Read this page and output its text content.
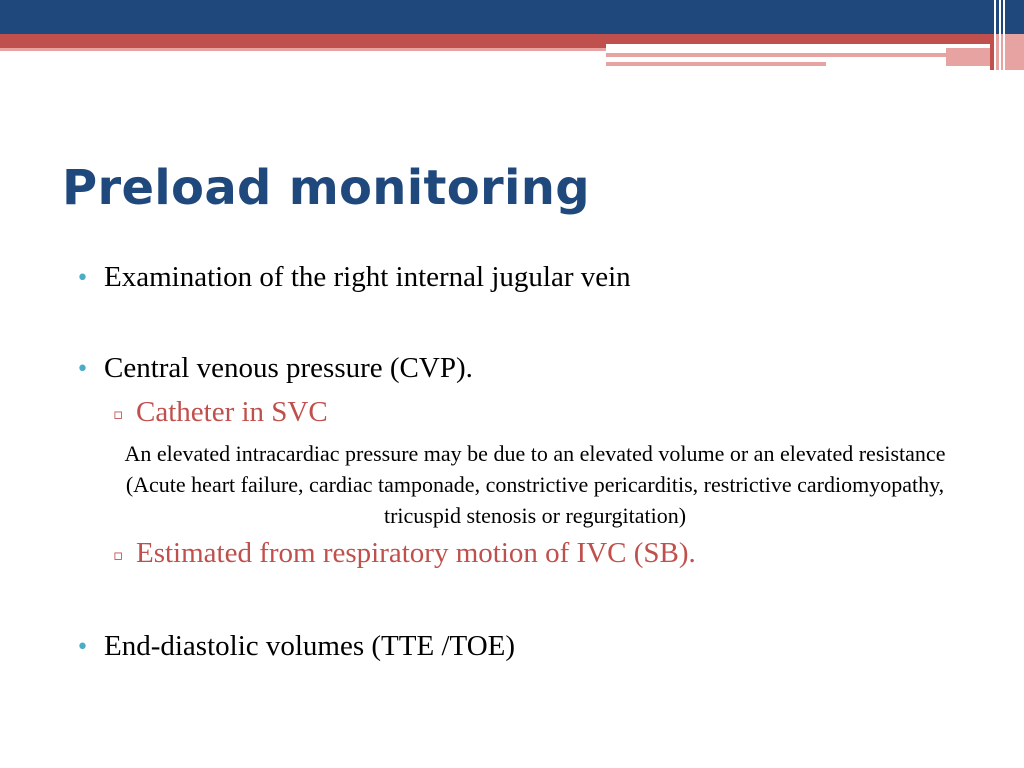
Preload monitoring
• Examination of the right internal jugular vein
• Central venous pressure (CVP).
▫ Catheter in SVC
An elevated intracardiac pressure may be due to an elevated volume or an elevated resistance (Acute heart failure, cardiac tamponade, constrictive pericarditis, restrictive cardiomyopathy, tricuspid stenosis or regurgitation)
▫ Estimated from respiratory motion of IVC (SB).
• End-diastolic volumes (TTE /TOE)
